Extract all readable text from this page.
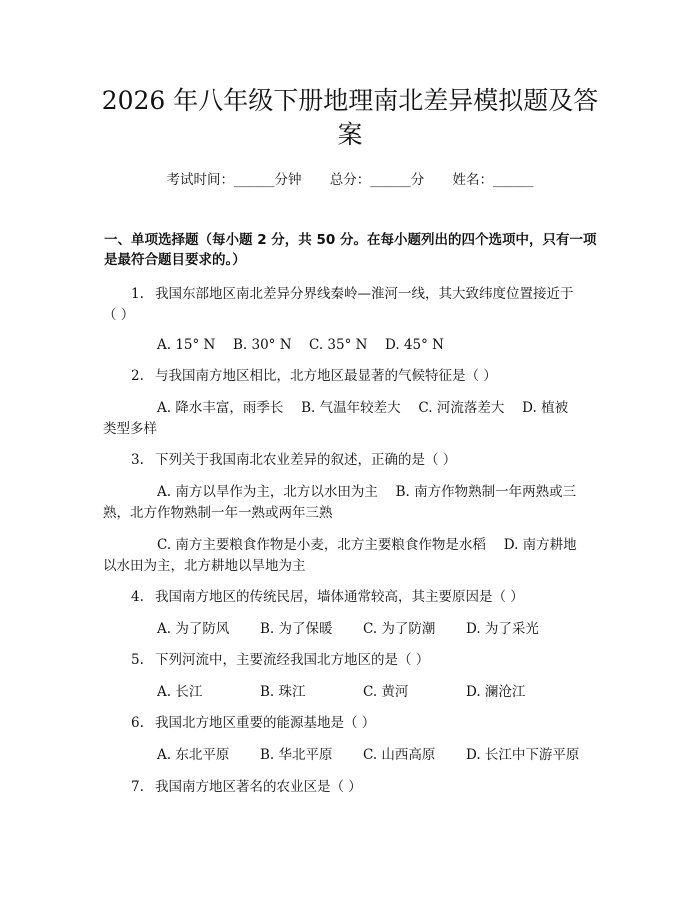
2026 年八年级下册地理南北差异模拟题及答
案
考试时间：______分钟 总分：______分 姓名：______
一、单项选择题（每小题 2 分，共 50 分。在每小题列出的四个选项中，只有一项
是最符合题目要求的。）
1. 我国东部地区南北差异分界线秦岭—淮河一线，其大致纬度位置接近于
（ ）
A. 15° N B. 30° N C. 35° N D. 45° N
2. 与我国南方地区相比，北方地区最显著的气候特征是（ ）
A. 降水丰富，雨季长　 B. 气温年较差大　 C. 河流落差大　 D. 植被
类型多样
3. 下列关于我国南北农业差异的叙述，正确的是（ ）
A. 南方以旱作为主，北方以水田为主　 B. 南方作物熟制一年两熟或三
熟，北方作物熟制一年一熟或两年三熟
C. 南方主要粮食作物是小麦，北方主要粮食作物是水稻　 D. 南方耕地
以水田为主，北方耕地以旱地为主
4. 我国南方地区的传统民居，墙体通常较高，其主要原因是（ ）
A. 为了防风 B. 为了保暖 C. 为了防潮 D. 为了采光
5. 下列河流中，主要流经我国北方地区的是（ ）
A. 长江	B. 珠江	C. 黄河	D. 澜沧江
6. 我国北方地区重要的能源基地是（ ）
A. 东北平原 B. 华北平原 C. 山西高原 D. 长江中下游平原
7. 我国南方地区著名的农业区是（ ）
